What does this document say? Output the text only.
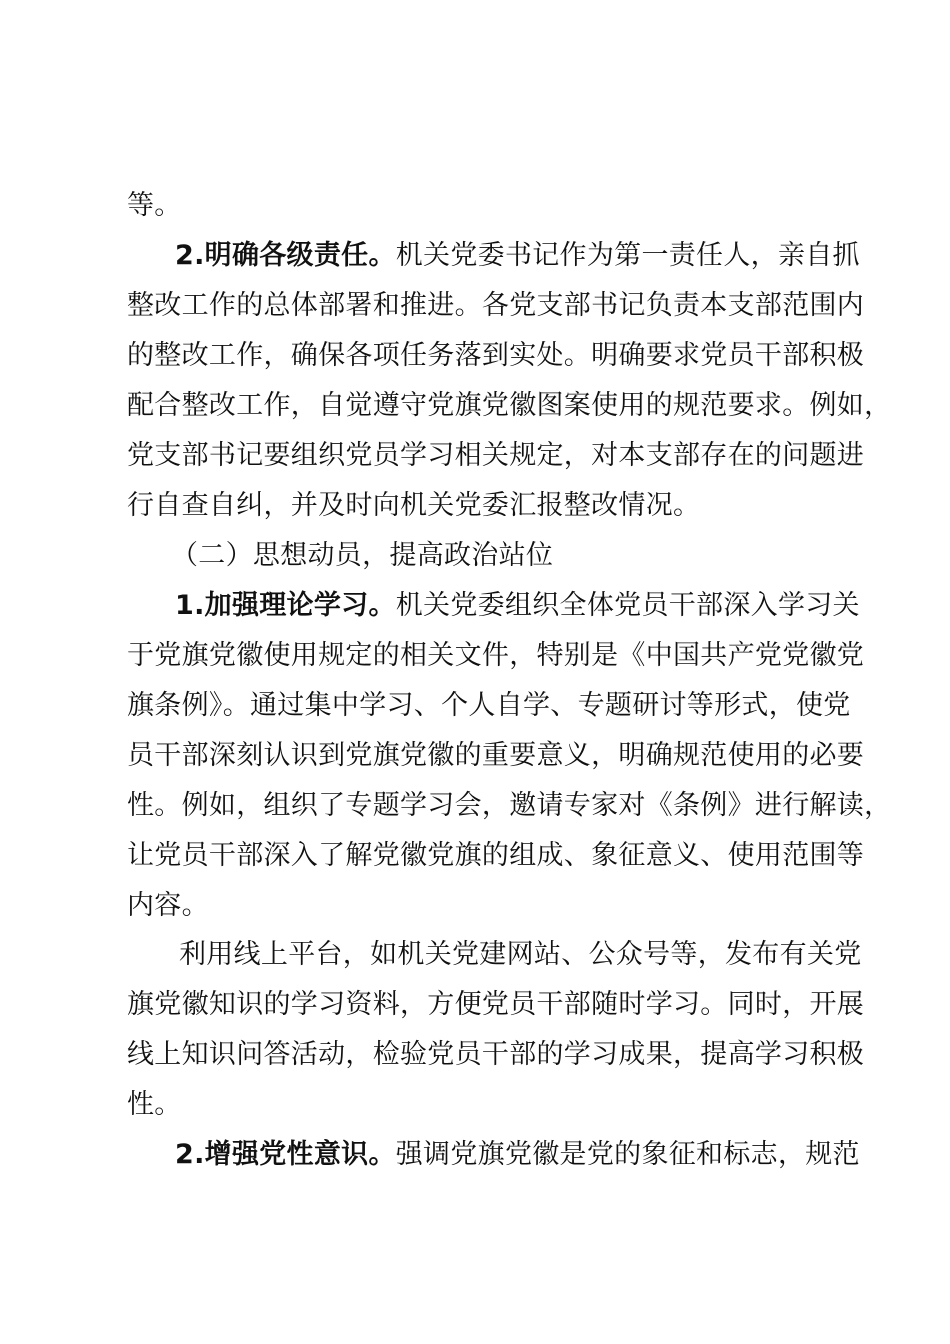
等。
2.明确各级责任。机关党委书记作为第一责任人，亲自抓
整改工作的总体部署和推进。各党支部书记负责本支部范围内
的整改工作，确保各项任务落到实处。明确要求党员干部积极
配合整改工作，自觉遵守党旗党徽图案使用的规范要求。例如，
党支部书记要组织党员学习相关规定，对本支部存在的问题进
行自查自纠，并及时向机关党委汇报整改情况。
（二）思想动员，提高政治站位
1.加强理论学习。机关党委组织全体党员干部深入学习关
于党旗党徽使用规定的相关文件，特别是《中国共产党党徽党
旗条例》。通过集中学习、个人自学、专题研讨等形式，使党
员干部深刻认识到党旗党徽的重要意义，明确规范使用的必要
性。例如，组织了专题学习会，邀请专家对《条例》进行解读，
让党员干部深入了解党徽党旗的组成、象征意义、使用范围等
内容。
利用线上平台，如机关党建网站、公众号等，发布有关党
旗党徽知识的学习资料，方便党员干部随时学习。同时，开展
线上知识问答活动，检验党员干部的学习成果，提高学习积极
性。
2.增强党性意识。强调党旗党徽是党的象征和标志，规范
